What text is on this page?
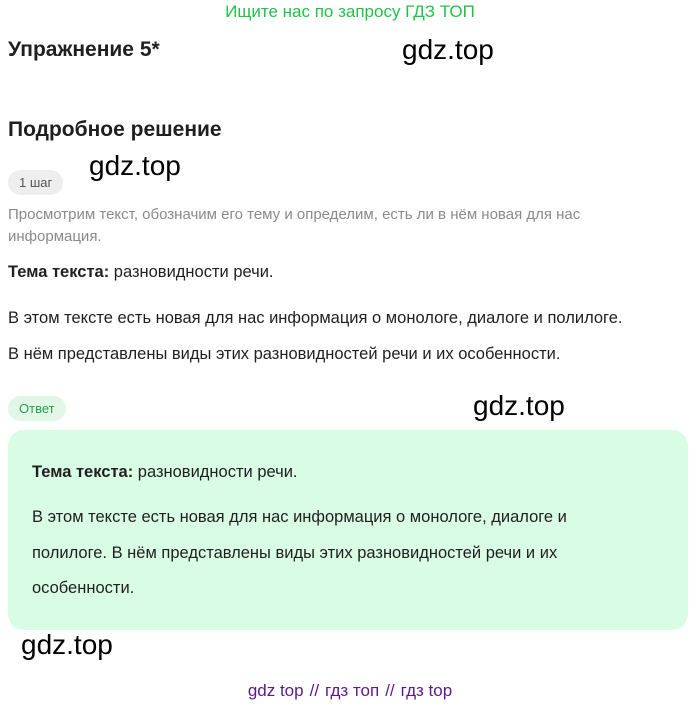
Ищите нас по запросу ГДЗ ТОП
Упражнение 5*	gdz.top
Подробное решение
gdz.top
1 шаг
Просмотрим текст, обозначим его тему и определим, есть ли в нём новая для нас информация.
Тема текста: разновидности речи.
В этом тексте есть новая для нас информация о монологе, диалоге и полилоге.
В нём представлены виды этих разновидностей речи и их особенности.
Ответ	gdz.top
Тема текста: разновидности речи.
В этом тексте есть новая для нас информация о монологе, диалоге и
полилоге. В нём представлены виды этих разновидностей речи и их
особенности.
gdz.top
gdz top // гдз топ // гдз top
